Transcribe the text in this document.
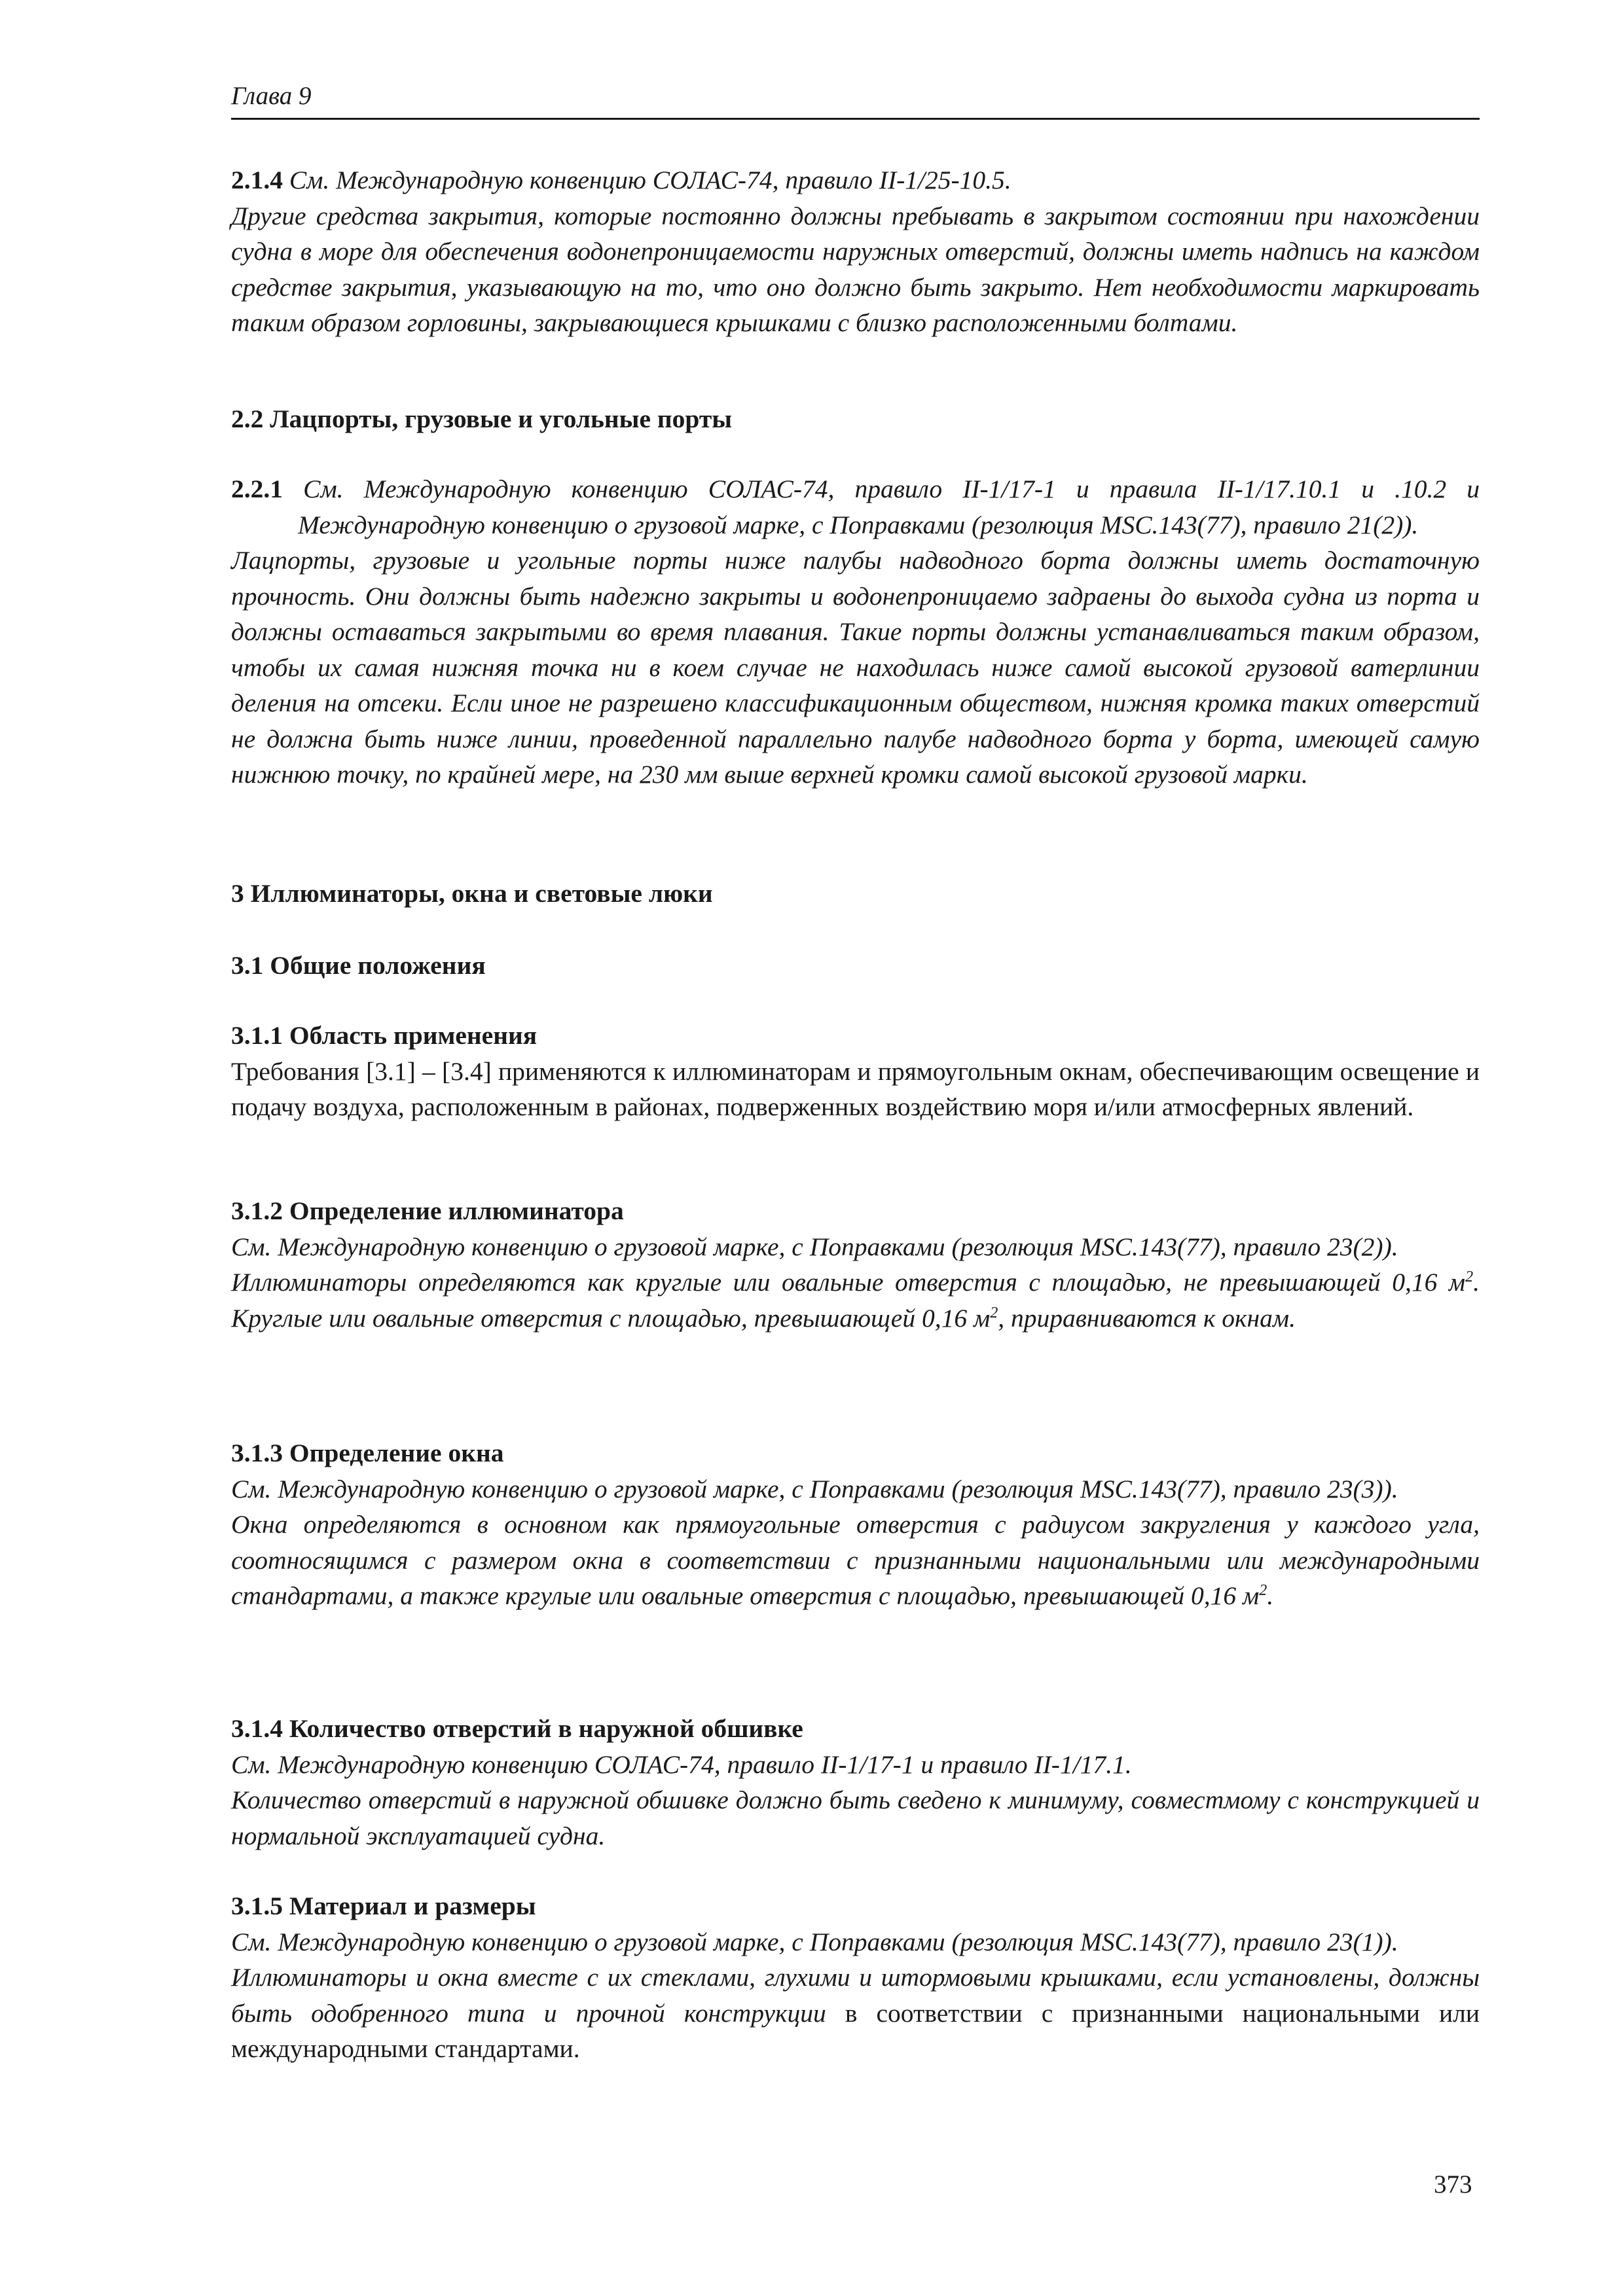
Глава 9

2.1.4 См. Международную конвенцию СОЛАС-74, правило II-1/25-10.5.

Другие средства закрытия, которые постоянно должны пребывать в закрытом состоянии при нахождении судна в море для обеспечения водонепроницаемости наружных отверстий, должны иметь надпись на каждом средстве закрытия, указывающую на то, что оно должно быть закрыто. Нет необходимости маркировать таким образом горловины, закрывающиеся крышками с близко расположенными болтами.

2.2 Лацпорты, грузовые и угольные порты

2.2.1 См. Международную конвенцию СОЛАС-74, правило II-1/17-1 и правила II-1/17.10.1 и .10.2 и Международную конвенцию о грузовой марке, с Поправками (резолюция MSC.143(77), правило 21(2)).

Лацпорты, грузовые и угольные порты ниже палубы надводного борта должны иметь достаточную прочность. Они должны быть надежно закрыты и водонепроницаемо задраены до выхода судна из порта и должны оставаться закрытыми во время плавания. Такие порты должны устанавливаться таким образом, чтобы их самая нижняя точка ни в коем случае не находилась ниже самой высокой грузовой ватерлинии деления на отсеки. Если иное не разрешено классификационным обществом, нижняя кромка таких отверстий не должна быть ниже линии, проведенной параллельно палубе надводного борта у борта, имеющей самую нижнюю точку, по крайней мере, на 230 мм выше верхней кромки самой высокой грузовой марки.

3 Иллюминаторы, окна и световые люки

3.1 Общие положения

3.1.1 Область применения

Требования [3.1] – [3.4] применяются к иллюминаторам и прямоугольным окнам, обеспечивающим освещение и подачу воздуха, расположенным в районах, подверженных воздействию моря и/или атмосферных явлений.

3.1.2 Определение иллюминатора

См. Международную конвенцию о грузовой марке, с Поправками (резолюция MSC.143(77), правило 23(2)).

Иллюминаторы определяются как круглые или овальные отверстия с площадью, не превышающей 0,16 $м^2$. Круглые или овальные отверстия с площадью, превышающей 0,16 $м^2$, приравниваются к окнам.

3.1.3 Определение окна

См. Международную конвенцию о грузовой марке, с Поправками (резолюция MSC.143(77), правило 23(3)).

Окна определяются в основном как прямоугольные отверстия с радиусом закругления у каждого угла, соотносящимся с размером окна в соответствии с признанными национальными или международными стандартами, а также кргулые или овальные отверстия с площадью, превышающей 0,16 $м^2$.

3.1.4 Количество отверстий в наружной обшивке

См. Международную конвенцию СОЛАС-74, правило II-1/17-1 и правило II-1/17.1.

Количество отверстий в наружной обшивке должно быть сведено к минимуму, совместмому с конструкцией и нормальной эксплуатацией судна.

3.1.5 Материал и размеры

См. Международную конвенцию о грузовой марке, с Поправками (резолюция MSC.143(77), правило 23(1)).

Иллюминаторы и окна вместе с их стеклами, глухими и штормовыми крышками, если установлены, должны быть одобренного типа и прочной конструкции в соответствии с признанными национальными или международными стандартами.

373
